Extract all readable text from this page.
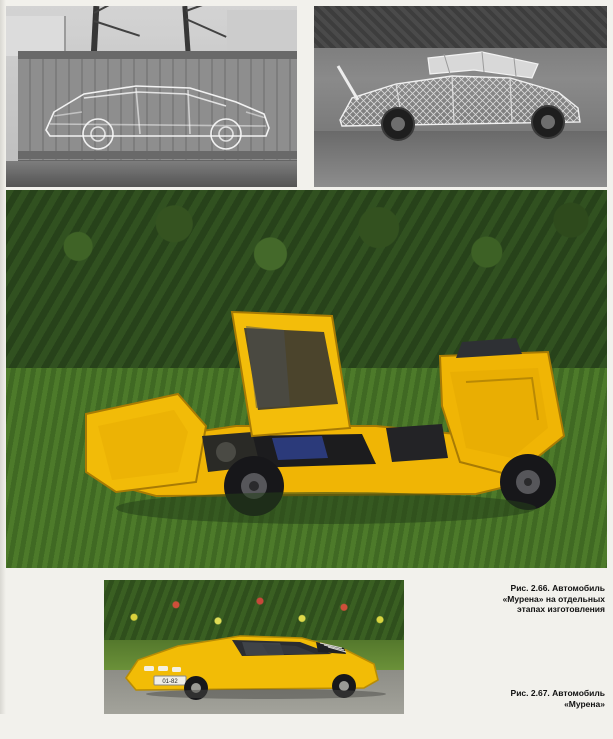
01-82
Рис. 2.66. Автомобиль «Мурена» на отдельных этапах изготовления
Рис. 2.67. Автомобиль «Мурена»
